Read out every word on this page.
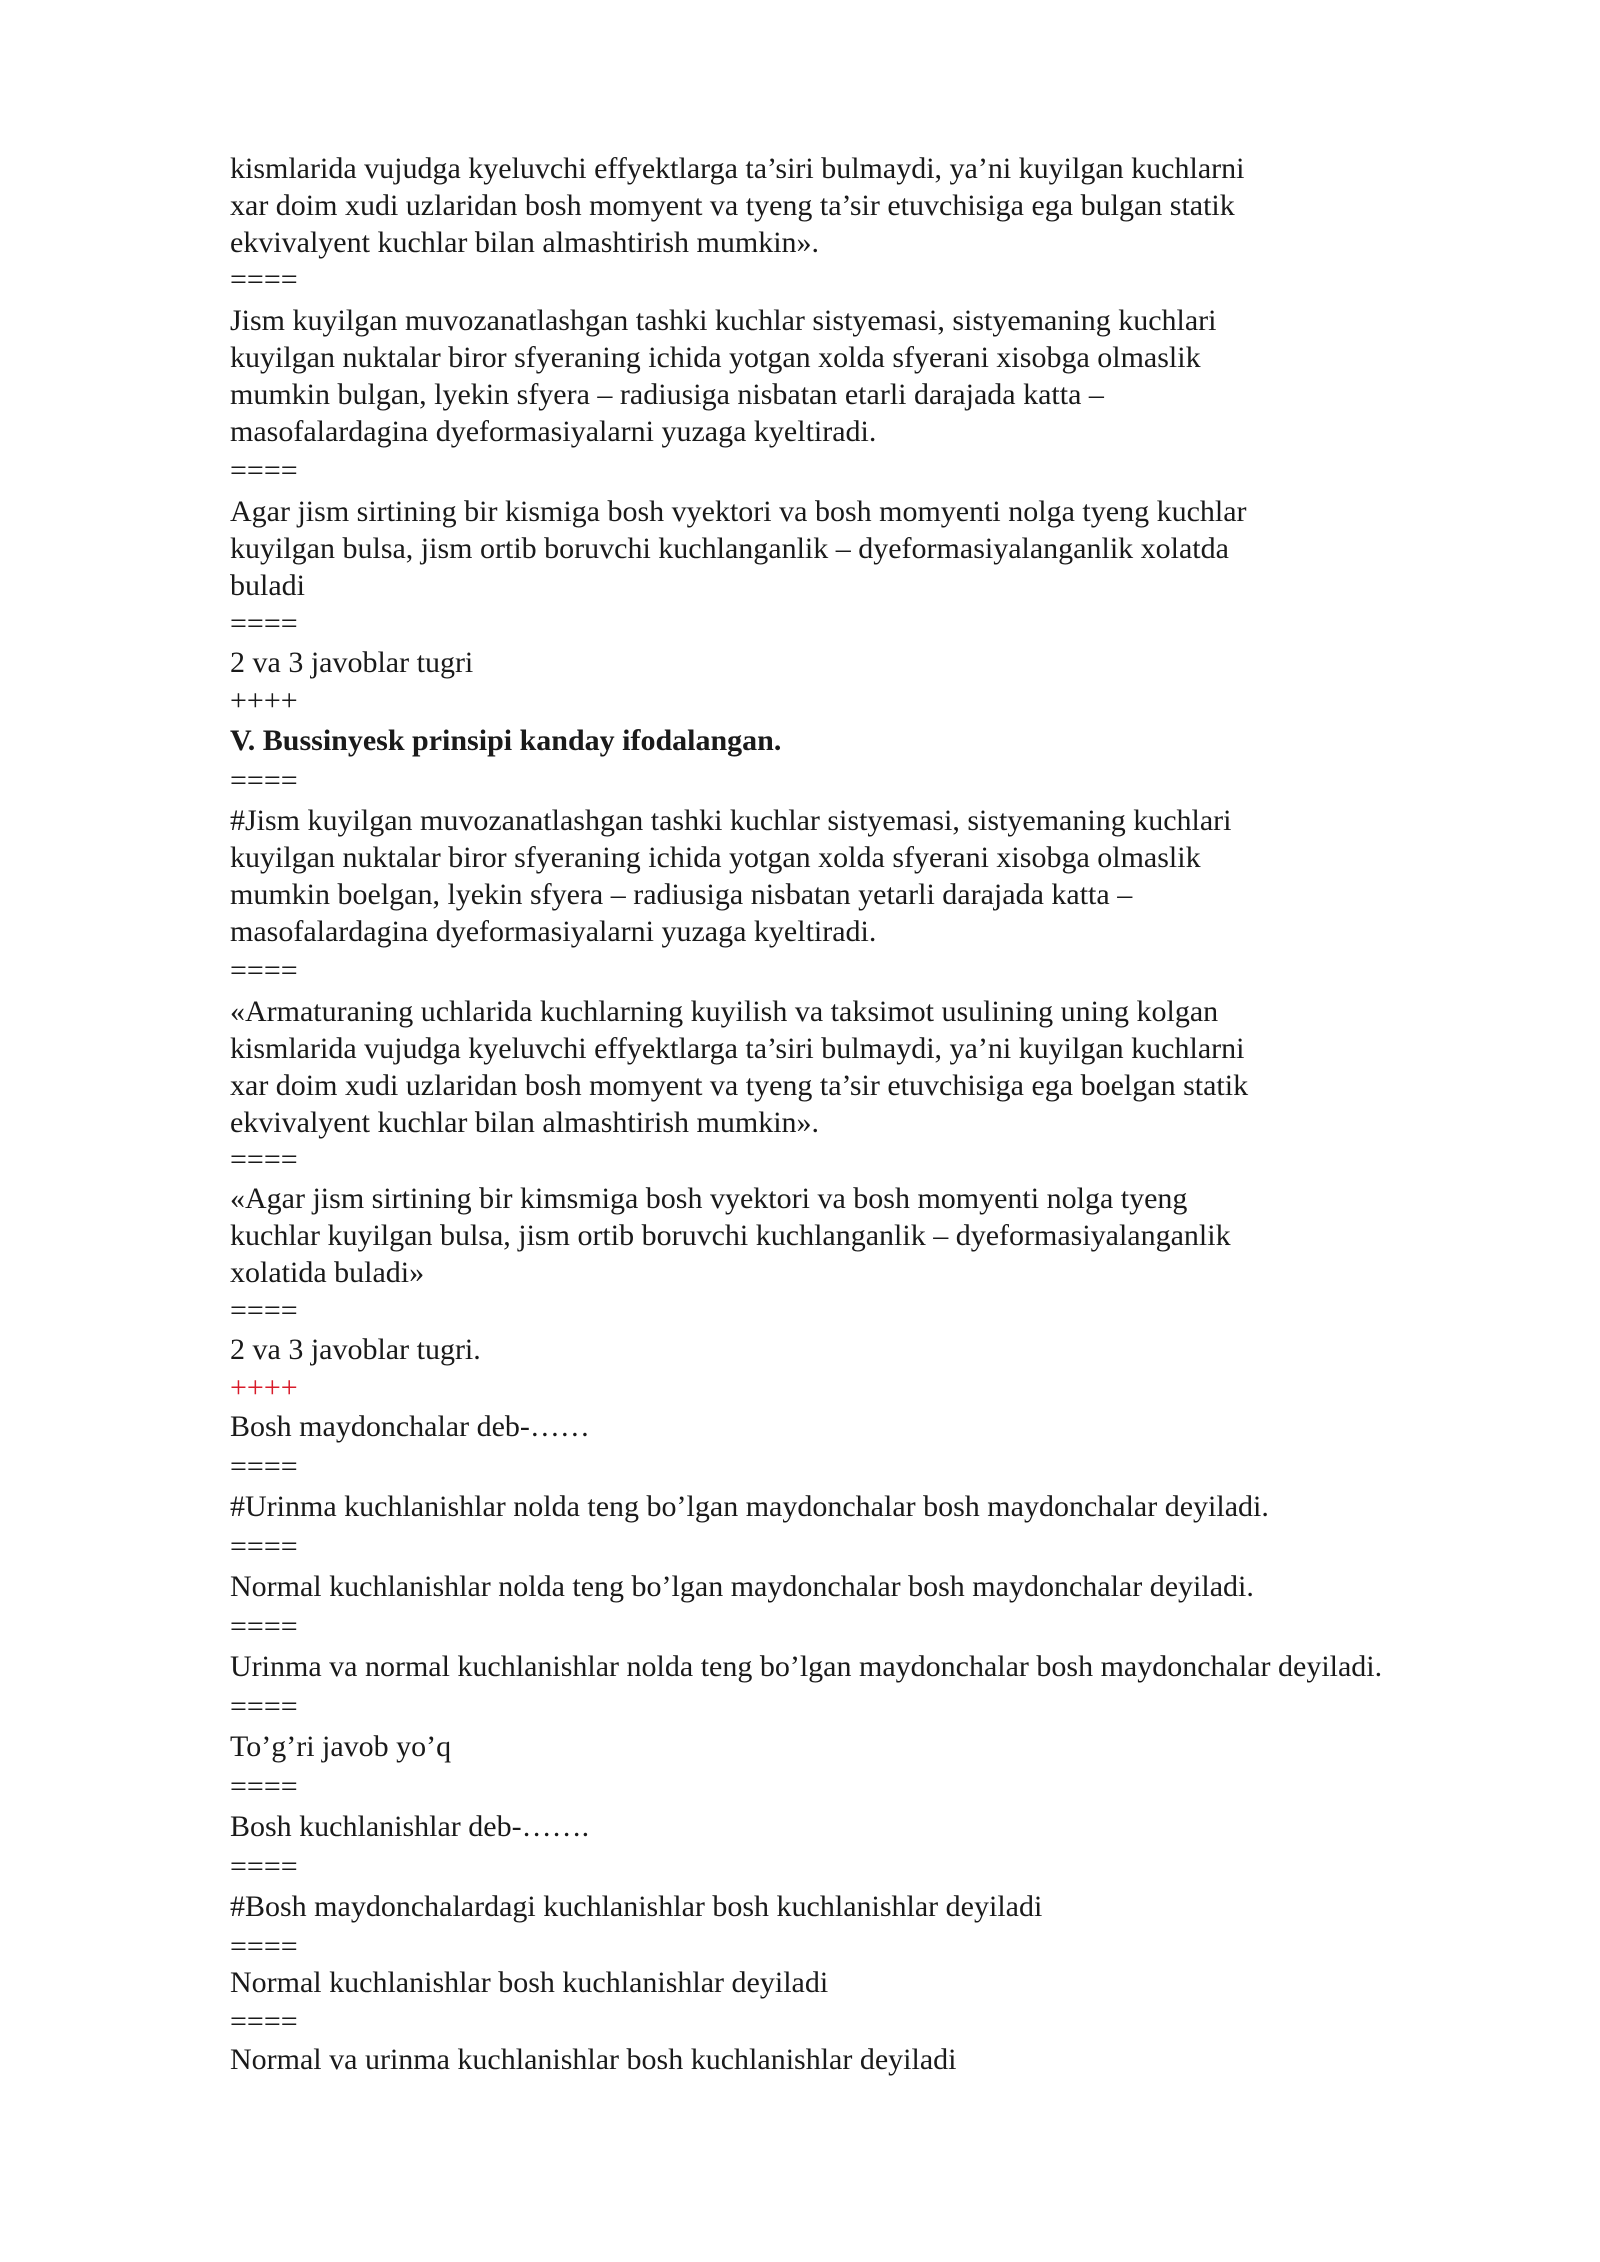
kismlarida vujudga kyeluvchi effyektlarga ta’siri bulmaydi, ya’ni kuyilgan kuchlarni
xar doim xudi uzlaridan bosh momyent va tyeng ta’sir etuvchisiga ega bulgan statik
ekvivalyent kuchlar bilan almashtirish mumkin».
====
Jism kuyilgan muvozanatlashgan tashki kuchlar sistyemasi, sistyemaning kuchlari
kuyilgan nuktalar biror sfyeraning ichida yotgan xolda sfyerani xisobga olmaslik
mumkin bulgan, lyekin sfyera – radiusiga nisbatan etarli darajada katta –
masofalardagina dyeformasiyalarni yuzaga kyeltiradi.
====
Agar jism sirtining bir kismiga bosh vyektori va bosh momyenti nolga tyeng kuchlar
kuyilgan bulsa, jism ortib boruvchi kuchlanganlik – dyeformasiyalanganlik xolatda
buladi
====
2 va 3 javoblar tugri
++++
V. Bussinyesk prinsipi kanday ifodalangan.
====
#Jism kuyilgan muvozanatlashgan tashki kuchlar sistyemasi, sistyemaning kuchlari
kuyilgan nuktalar biror sfyeraning ichida yotgan xolda sfyerani xisobga olmaslik
mumkin boelgan, lyekin sfyera – radiusiga nisbatan yetarli darajada katta –
masofalardagina dyeformasiyalarni yuzaga kyeltiradi.
====
«Armaturaning uchlarida kuchlarning kuyilish va taksimot usulining uning kolgan
kismlarida vujudga kyeluvchi effyektlarga ta’siri bulmaydi, ya’ni kuyilgan kuchlarni
xar doim xudi uzlaridan bosh momyent va tyeng ta’sir etuvchisiga ega boelgan statik
ekvivalyent kuchlar bilan almashtirish mumkin».
====
«Agar jism sirtining bir kimsmiga bosh vyektori va bosh momyenti nolga tyeng
kuchlar kuyilgan bulsa, jism ortib boruvchi kuchlanganlik – dyeformasiyalanganlik
xolatida buladi»
====
2 va 3 javoblar tugri.
++++
Bosh maydonchalar deb-……
====
#Urinma kuchlanishlar nolda teng bo’lgan maydonchalar bosh maydonchalar deyiladi.
====
Normal kuchlanishlar nolda teng bo’lgan maydonchalar bosh maydonchalar deyiladi.
====
Urinma va normal kuchlanishlar nolda teng bo’lgan maydonchalar bosh maydonchalar deyiladi.
====
To’g’ri javob yo’q
====
Bosh kuchlanishlar deb-…….
====
#Bosh maydonchalardagi kuchlanishlar bosh kuchlanishlar deyiladi
====
Normal kuchlanishlar bosh kuchlanishlar deyiladi
====
Normal va urinma kuchlanishlar bosh kuchlanishlar deyiladi
